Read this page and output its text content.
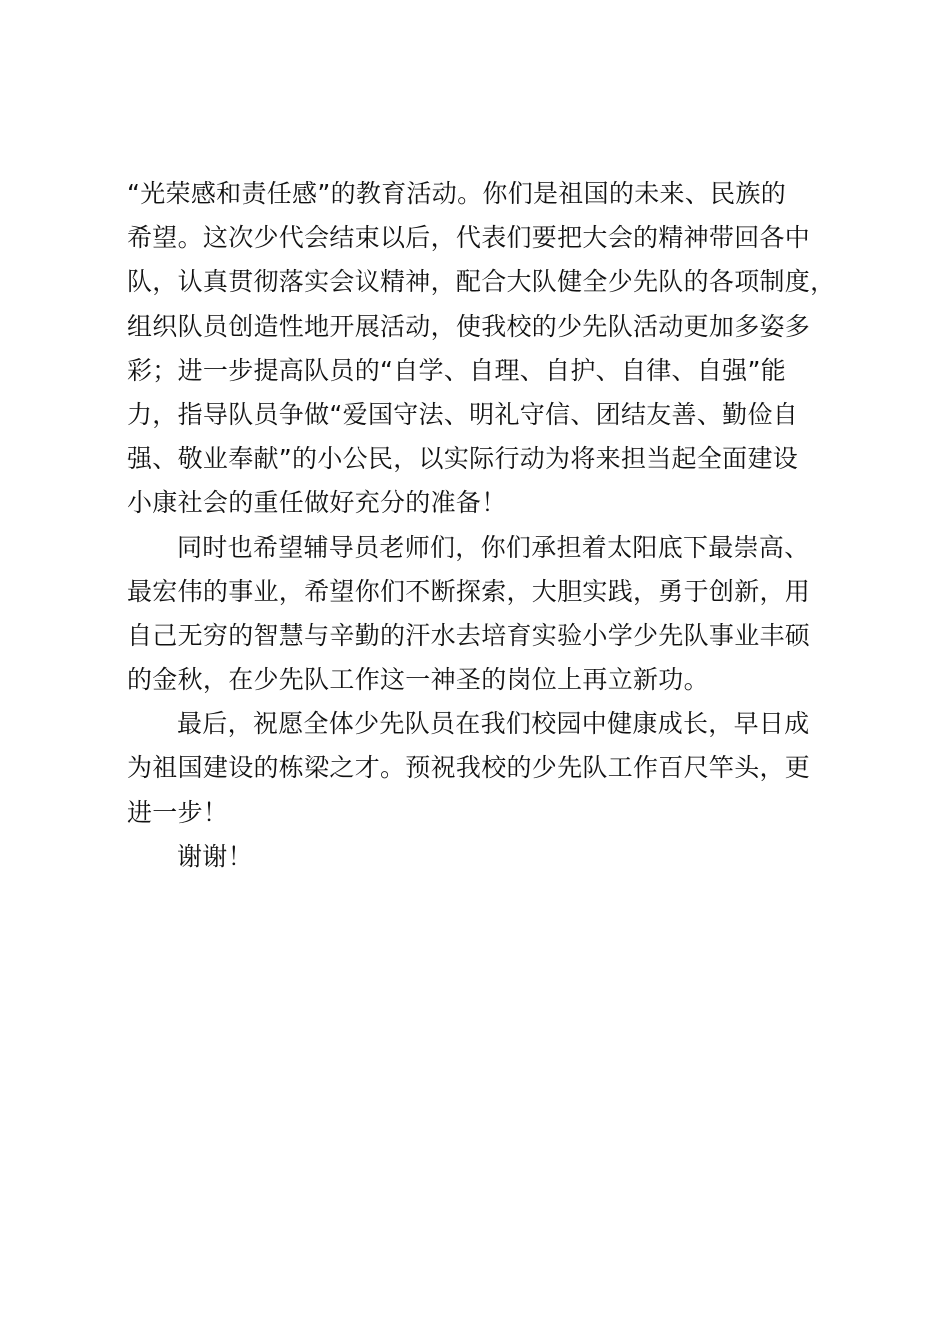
“光荣感和责任感”的教育活动。你们是祖国的未来、民族的
希望。这次少代会结束以后，代表们要把大会的精神带回各中
队，认真贯彻落实会议精神，配合大队健全少先队的各项制度，
组织队员创造性地开展活动，使我校的少先队活动更加多姿多
彩；进一步提高队员的“自学、自理、自护、自律、自强”能
力，指导队员争做“爱国守法、明礼守信、团结友善、勤俭自
强、敬业奉献”的小公民，以实际行动为将来担当起全面建设
小康社会的重任做好充分的准备！
同时也希望辅导员老师们，你们承担着太阳底下最崇高、
最宏伟的事业，希望你们不断探索，大胆实践，勇于创新，用
自己无穷的智慧与辛勤的汗水去培育实验小学少先队事业丰硕
的金秋，在少先队工作这一神圣的岗位上再立新功。
最后，祝愿全体少先队员在我们校园中健康成长，早日成
为祖国建设的栋梁之才。预祝我校的少先队工作百尺竿头，更
进一步！
谢谢！
